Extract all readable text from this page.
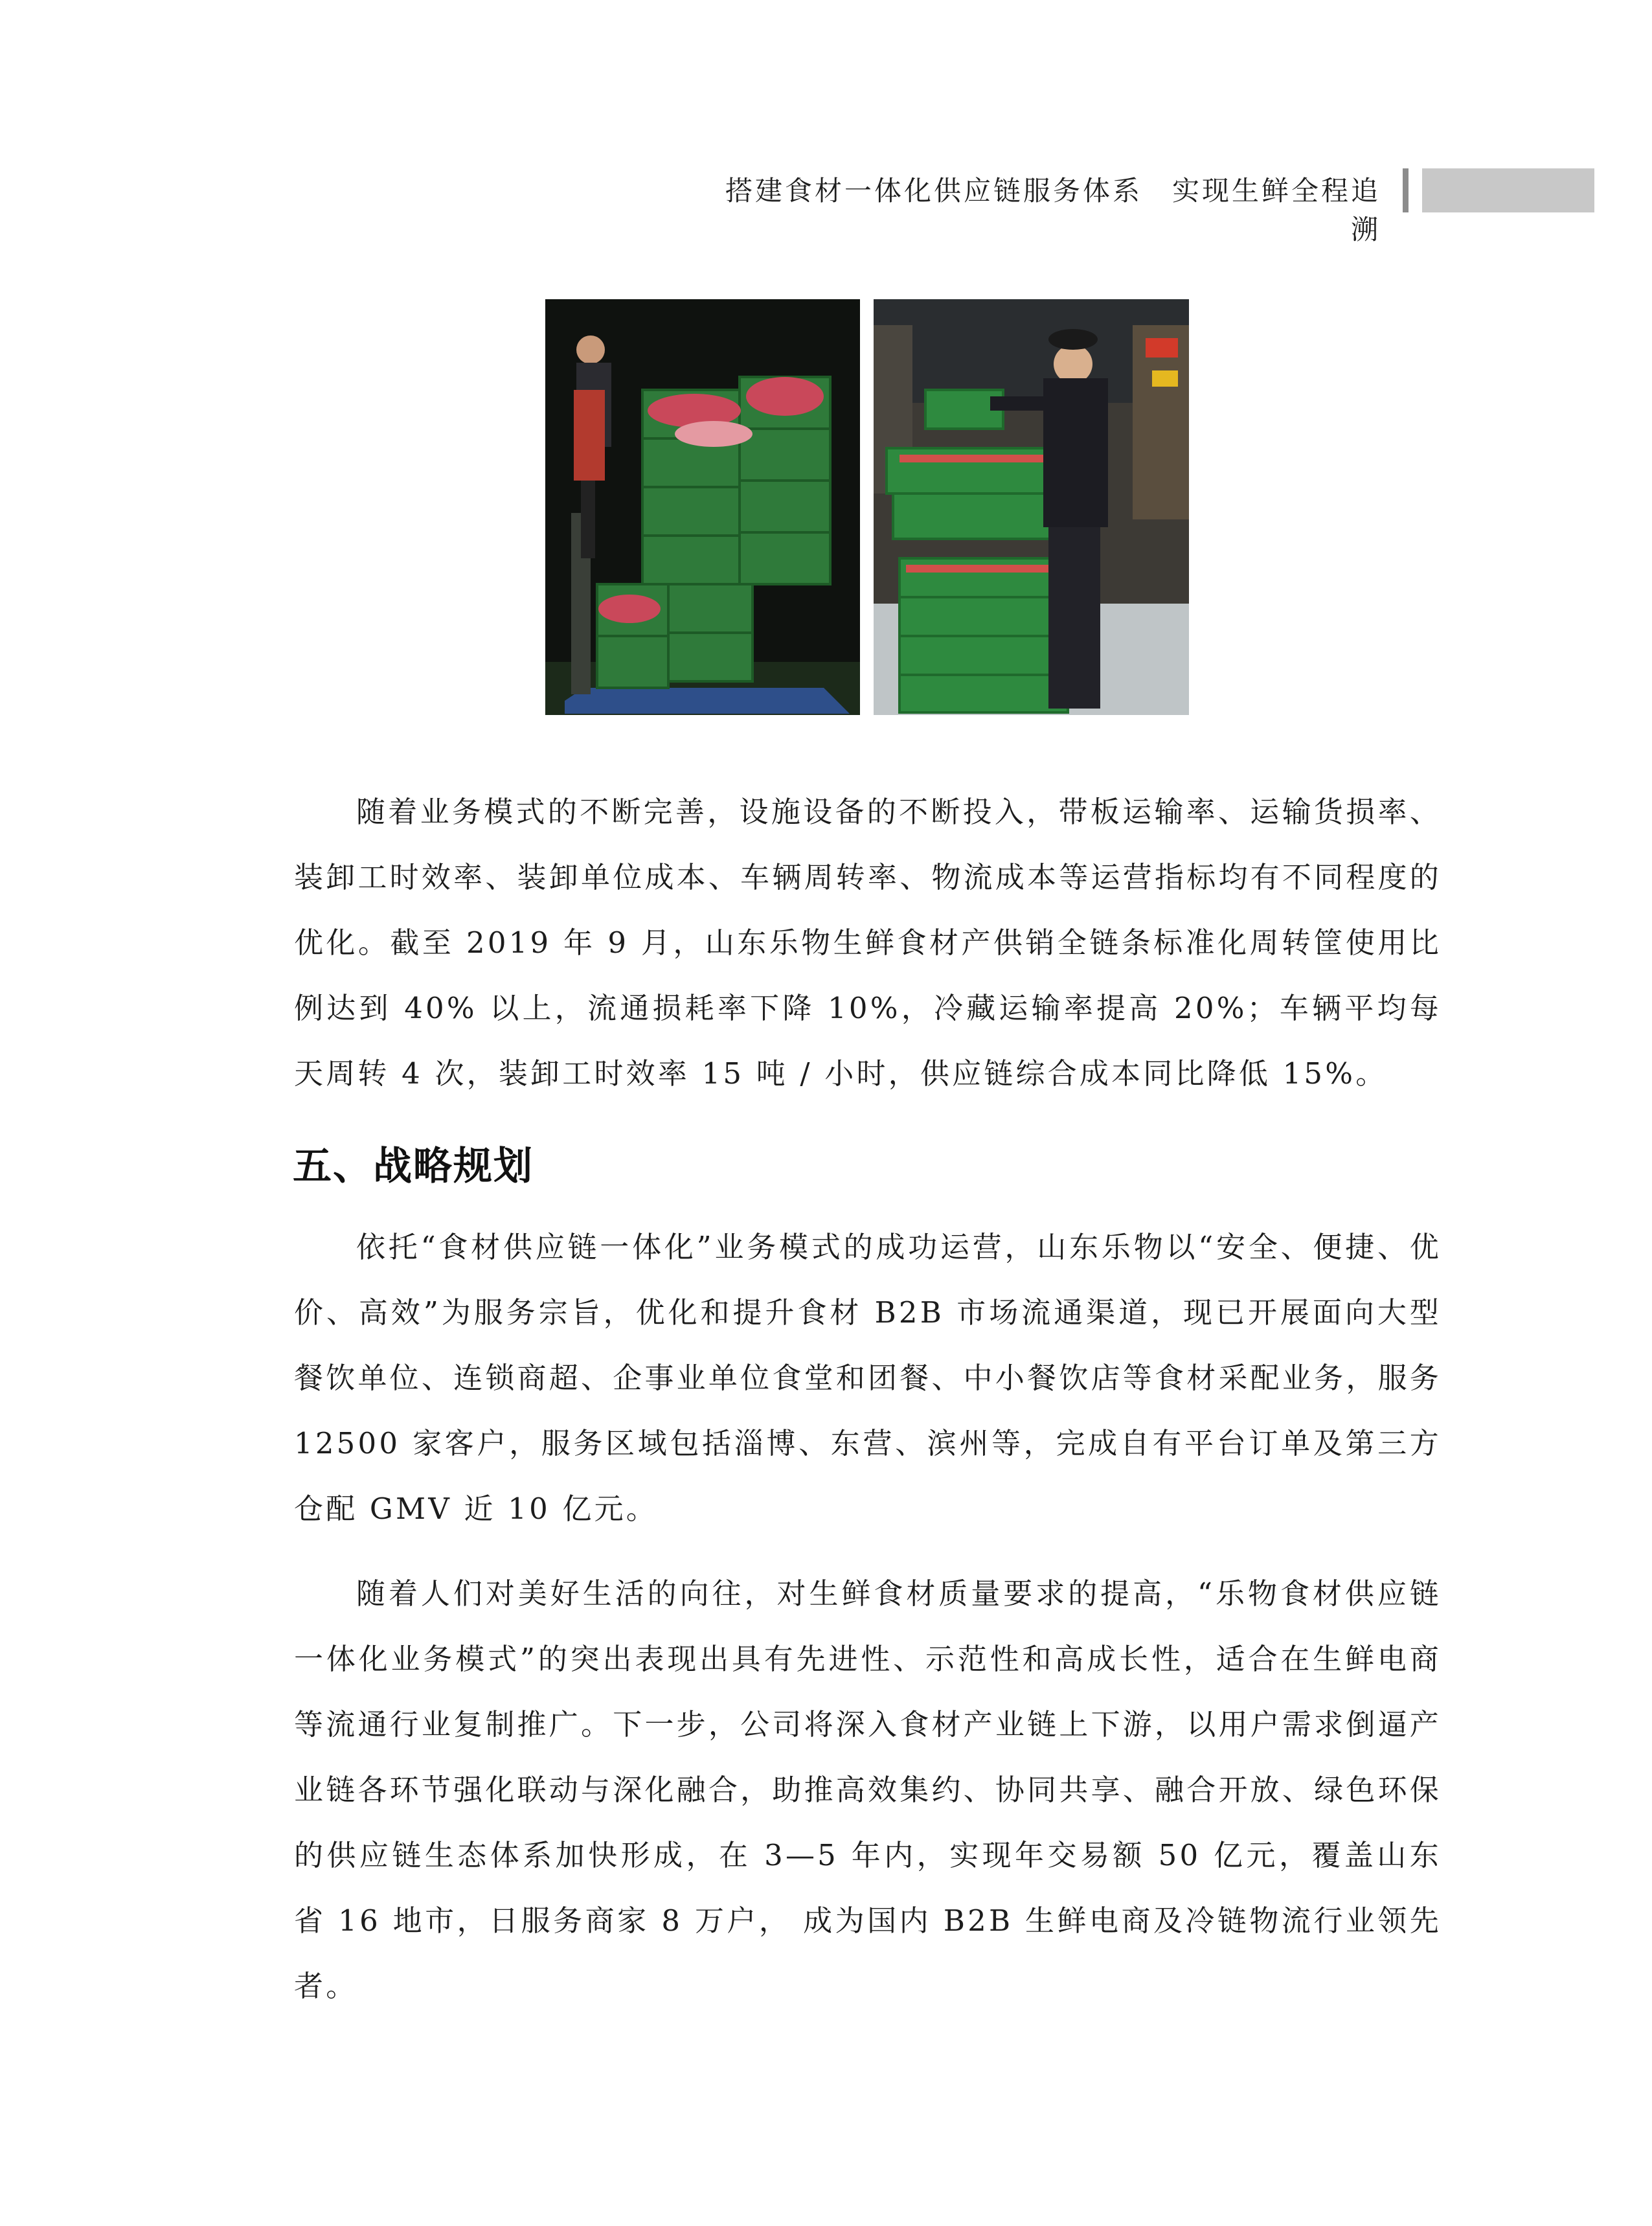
搭建食材一体化供应链服务体系　实现生鲜全程追溯

随着业务模式的不断完善，设施设备的不断投入，带板运输率、运输货损率、装卸工时效率、装卸单位成本、车辆周转率、物流成本等运营指标均有不同程度的优化。截至 2019 年 9 月，山东乐物生鲜食材产供销全链条标准化周转筐使用比例达到 40% 以上，流通损耗率下降 10%，冷藏运输率提高 20%；车辆平均每天周转 4 次，装卸工时效率 15 吨 / 小时，供应链综合成本同比降低 15%。

五、战略规划

依托“食材供应链一体化”业务模式的成功运营，山东乐物以“安全、便捷、优价、高效”为服务宗旨，优化和提升食材 B2B 市场流通渠道，现已开展面向大型餐饮单位、连锁商超、企事业单位食堂和团餐、中小餐饮店等食材采配业务，服务 12500 家客户，服务区域包括淄博、东营、滨州等，完成自有平台订单及第三方仓配 GMV 近 10 亿元。

随着人们对美好生活的向往，对生鲜食材质量要求的提高，“乐物食材供应链一体化业务模式”的突出表现出具有先进性、示范性和高成长性，适合在生鲜电商等流通行业复制推广。下一步，公司将深入食材产业链上下游，以用户需求倒逼产业链各环节强化联动与深化融合，助推高效集约、协同共享、融合开放、绿色环保的供应链生态体系加快形成，在 3—5 年内，实现年交易额 50 亿元，覆盖山东省 16 地市，日服务商家 8 万户， 成为国内 B2B 生鲜电商及冷链物流行业领先者。
